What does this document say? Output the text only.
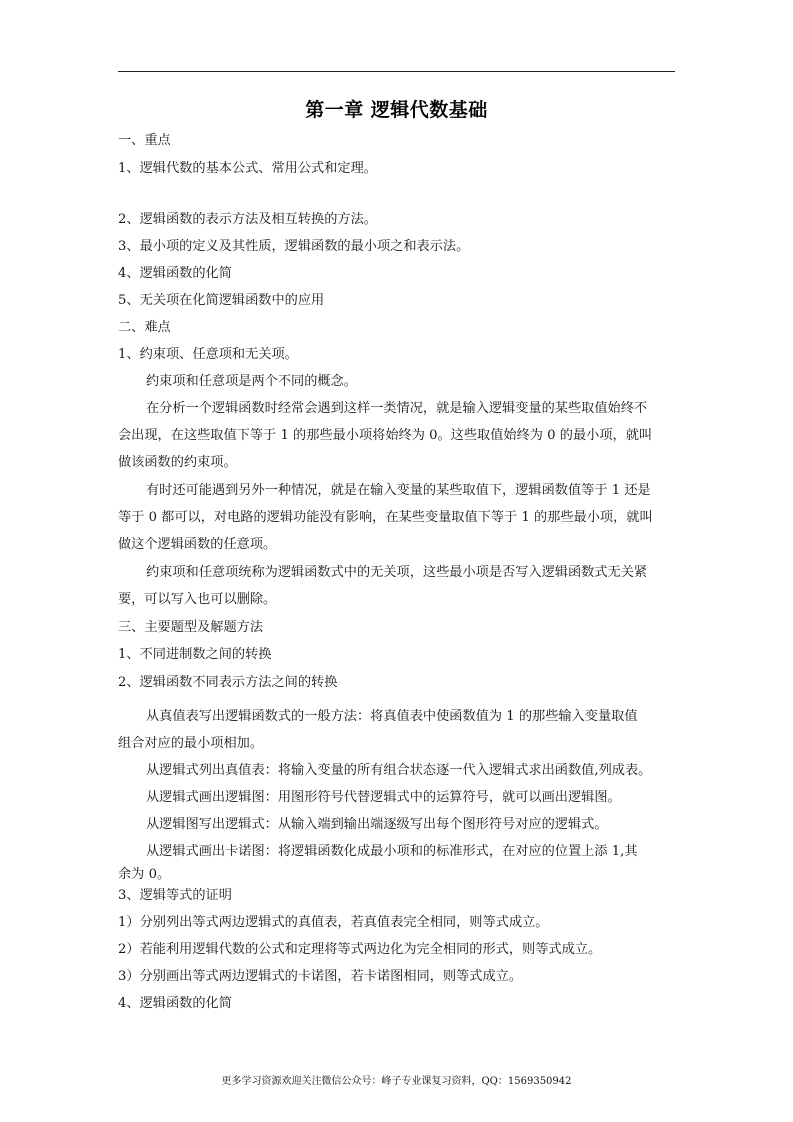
第一章 逻辑代数基础
一、重点
1、逻辑代数的基本公式、常用公式和定理。
2、逻辑函数的表示方法及相互转换的方法。
3、最小项的定义及其性质，逻辑函数的最小项之和表示法。
4、逻辑函数的化简
5、无关项在化简逻辑函数中的应用
二、难点
1、约束项、任意项和无关项。
约束项和任意项是两个不同的概念。
在分析一个逻辑函数时经常会遇到这样一类情况，就是输入逻辑变量的某些取值始终不
会出现，在这些取值下等于 1 的那些最小项将始终为 0。这些取值始终为 0 的最小项，就叫
做该函数的约束项。
有时还可能遇到另外一种情况，就是在输入变量的某些取值下，逻辑函数值等于 1 还是
等于 0 都可以，对电路的逻辑功能没有影响，在某些变量取值下等于 1 的那些最小项，就叫
做这个逻辑函数的任意项。
约束项和任意项统称为逻辑函数式中的无关项，这些最小项是否写入逻辑函数式无关紧
要，可以写入也可以删除。
三、主要题型及解题方法
1、不同进制数之间的转换
2、逻辑函数不同表示方法之间的转换
从真值表写出逻辑函数式的一般方法：将真值表中使函数值为 1 的那些输入变量取值
组合对应的最小项相加。
从逻辑式列出真值表：将输入变量的所有组合状态逐一代入逻辑式求出函数值,列成表。
从逻辑式画出逻辑图：用图形符号代替逻辑式中的运算符号，就可以画出逻辑图。
从逻辑图写出逻辑式：从输入端到输出端逐级写出每个图形符号对应的逻辑式。
从逻辑式画出卡诺图：将逻辑函数化成最小项和的标准形式，在对应的位置上添 1,其
余为 0。
3、逻辑等式的证明
1）分别列出等式两边逻辑式的真值表，若真值表完全相同，则等式成立。
2）若能利用逻辑代数的公式和定理将等式两边化为完全相同的形式，则等式成立。
3）分别画出等式两边逻辑式的卡诺图，若卡诺图相同，则等式成立。
4、逻辑函数的化简
更多学习资源欢迎关注微信公众号：峰子专业课复习资料，QQ：1569350942
